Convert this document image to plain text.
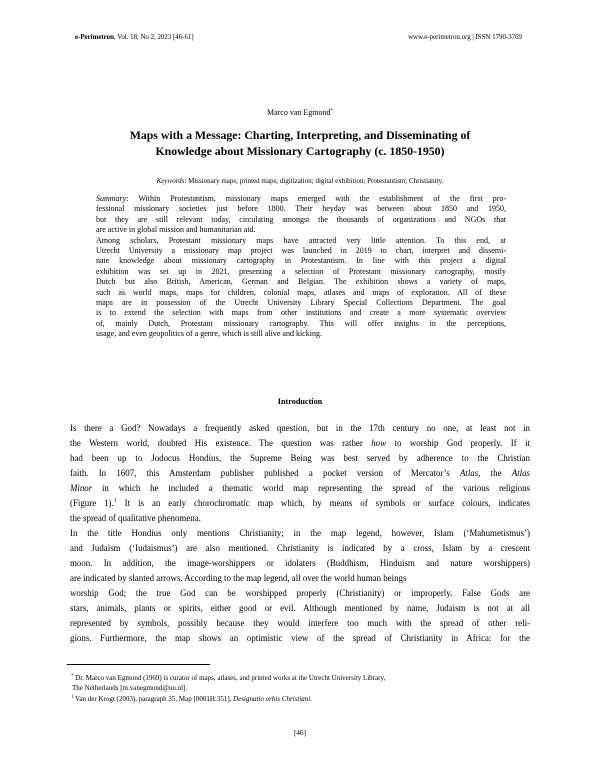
e-Perimetron, Vol. 18, No 2, 2023 [46-61]	www.e-perimetron.org | ISSN 1790-3769
Marco van Egmond*
Maps with a Message: Charting, Interpreting, and Disseminating of
Knowledge about Missionary Cartography (c. 1850-1950)
Keywords: Missionary maps; printed maps; digitization; digital exhibition; Protestantism; Christianity.
Summary: Within Protestantism, missionary maps emerged with the establishment of the first pro-
fessional missionary societies just before 1800. Their heyday was between about 1850 and 1950,
but they are still relevant today, circulating amongst the thousands of organizations and NGOs that
are active in global mission and humanitarian aid.
Among scholars, Protestant missionary maps have attracted very little attention. To this end, at
Utrecht University a missionary map project was launched in 2019 to chart, interpret and dissemi-
nate knowledge about missionary cartography in Protestantism. In line with this project a digital
exhibition was set up in 2021, presenting a selection of Protestant missionary cartography, mostly
Dutch but also British, American, German and Belgian. The exhibition shows a variety of maps,
such as world maps, maps for children, colonial maps, atlases and maps of exploration. All of these
maps are in possession of the Utrecht University Library Special Collections Department. The goal
is to extend the selection with maps from other institutions and create a more systematic overview
of, mainly Dutch, Protestant missionary cartography. This will offer insights in the perceptions,
usage, and even geopolitics of a genre, which is still alive and kicking.
Introduction
Is there a God? Nowadays a frequently asked question, but in the 17th century no one, at least not in
the Western world, doubted His existence. The question was rather how to worship God properly. If it
had been up to Jodocus Hondius, the Supreme Being was best served by adherence to the Christian
faith. In 1607, this Amsterdam publisher published a pocket version of Mercator’s Atlas, the Atlas
Minor in which he included a thematic world map representing the spread of the various religions
(Figure 1).$^1$ It is an early chorochromatic map which, by means of symbols or surface colours, indicates
the spread of qualitative phenomena.
In the title Hondius only mentions Christianity; in the map legend, however, Islam (‘Mahumetismus’)
and Judaism (‘Iudaismus’) are also mentioned. Christianity is indicated by a cross, Islam by a crescent
moon. In addition, the image-worshippers or idolaters (Buddhism, Hinduism and nature worshippers)
are indicated by slanted arrows. According to the map legend, all over the world human beings
worship God; the true God can be worshipped properly (Christianity) or improperly. False Gods are
stars, animals, plants or spirits, either good or evil. Although mentioned by name, Judaism is not at all
represented by symbols, possibly because they would interfere too much with the spread of other reli-
gions. Furthermore, the map shows an optimistic view of the spread of Christianity in Africa: for the
* Dr. Marco van Egmond (1969) is curator of maps, atlases, and printed works at the Utrecht University Library,
The Netherlands [m.vanegmond@uu.nl].
$^1$ Van der Krogt (2003), paragraph 35, Map [0001H:351], Designatio orbis Christiani.
[46]
